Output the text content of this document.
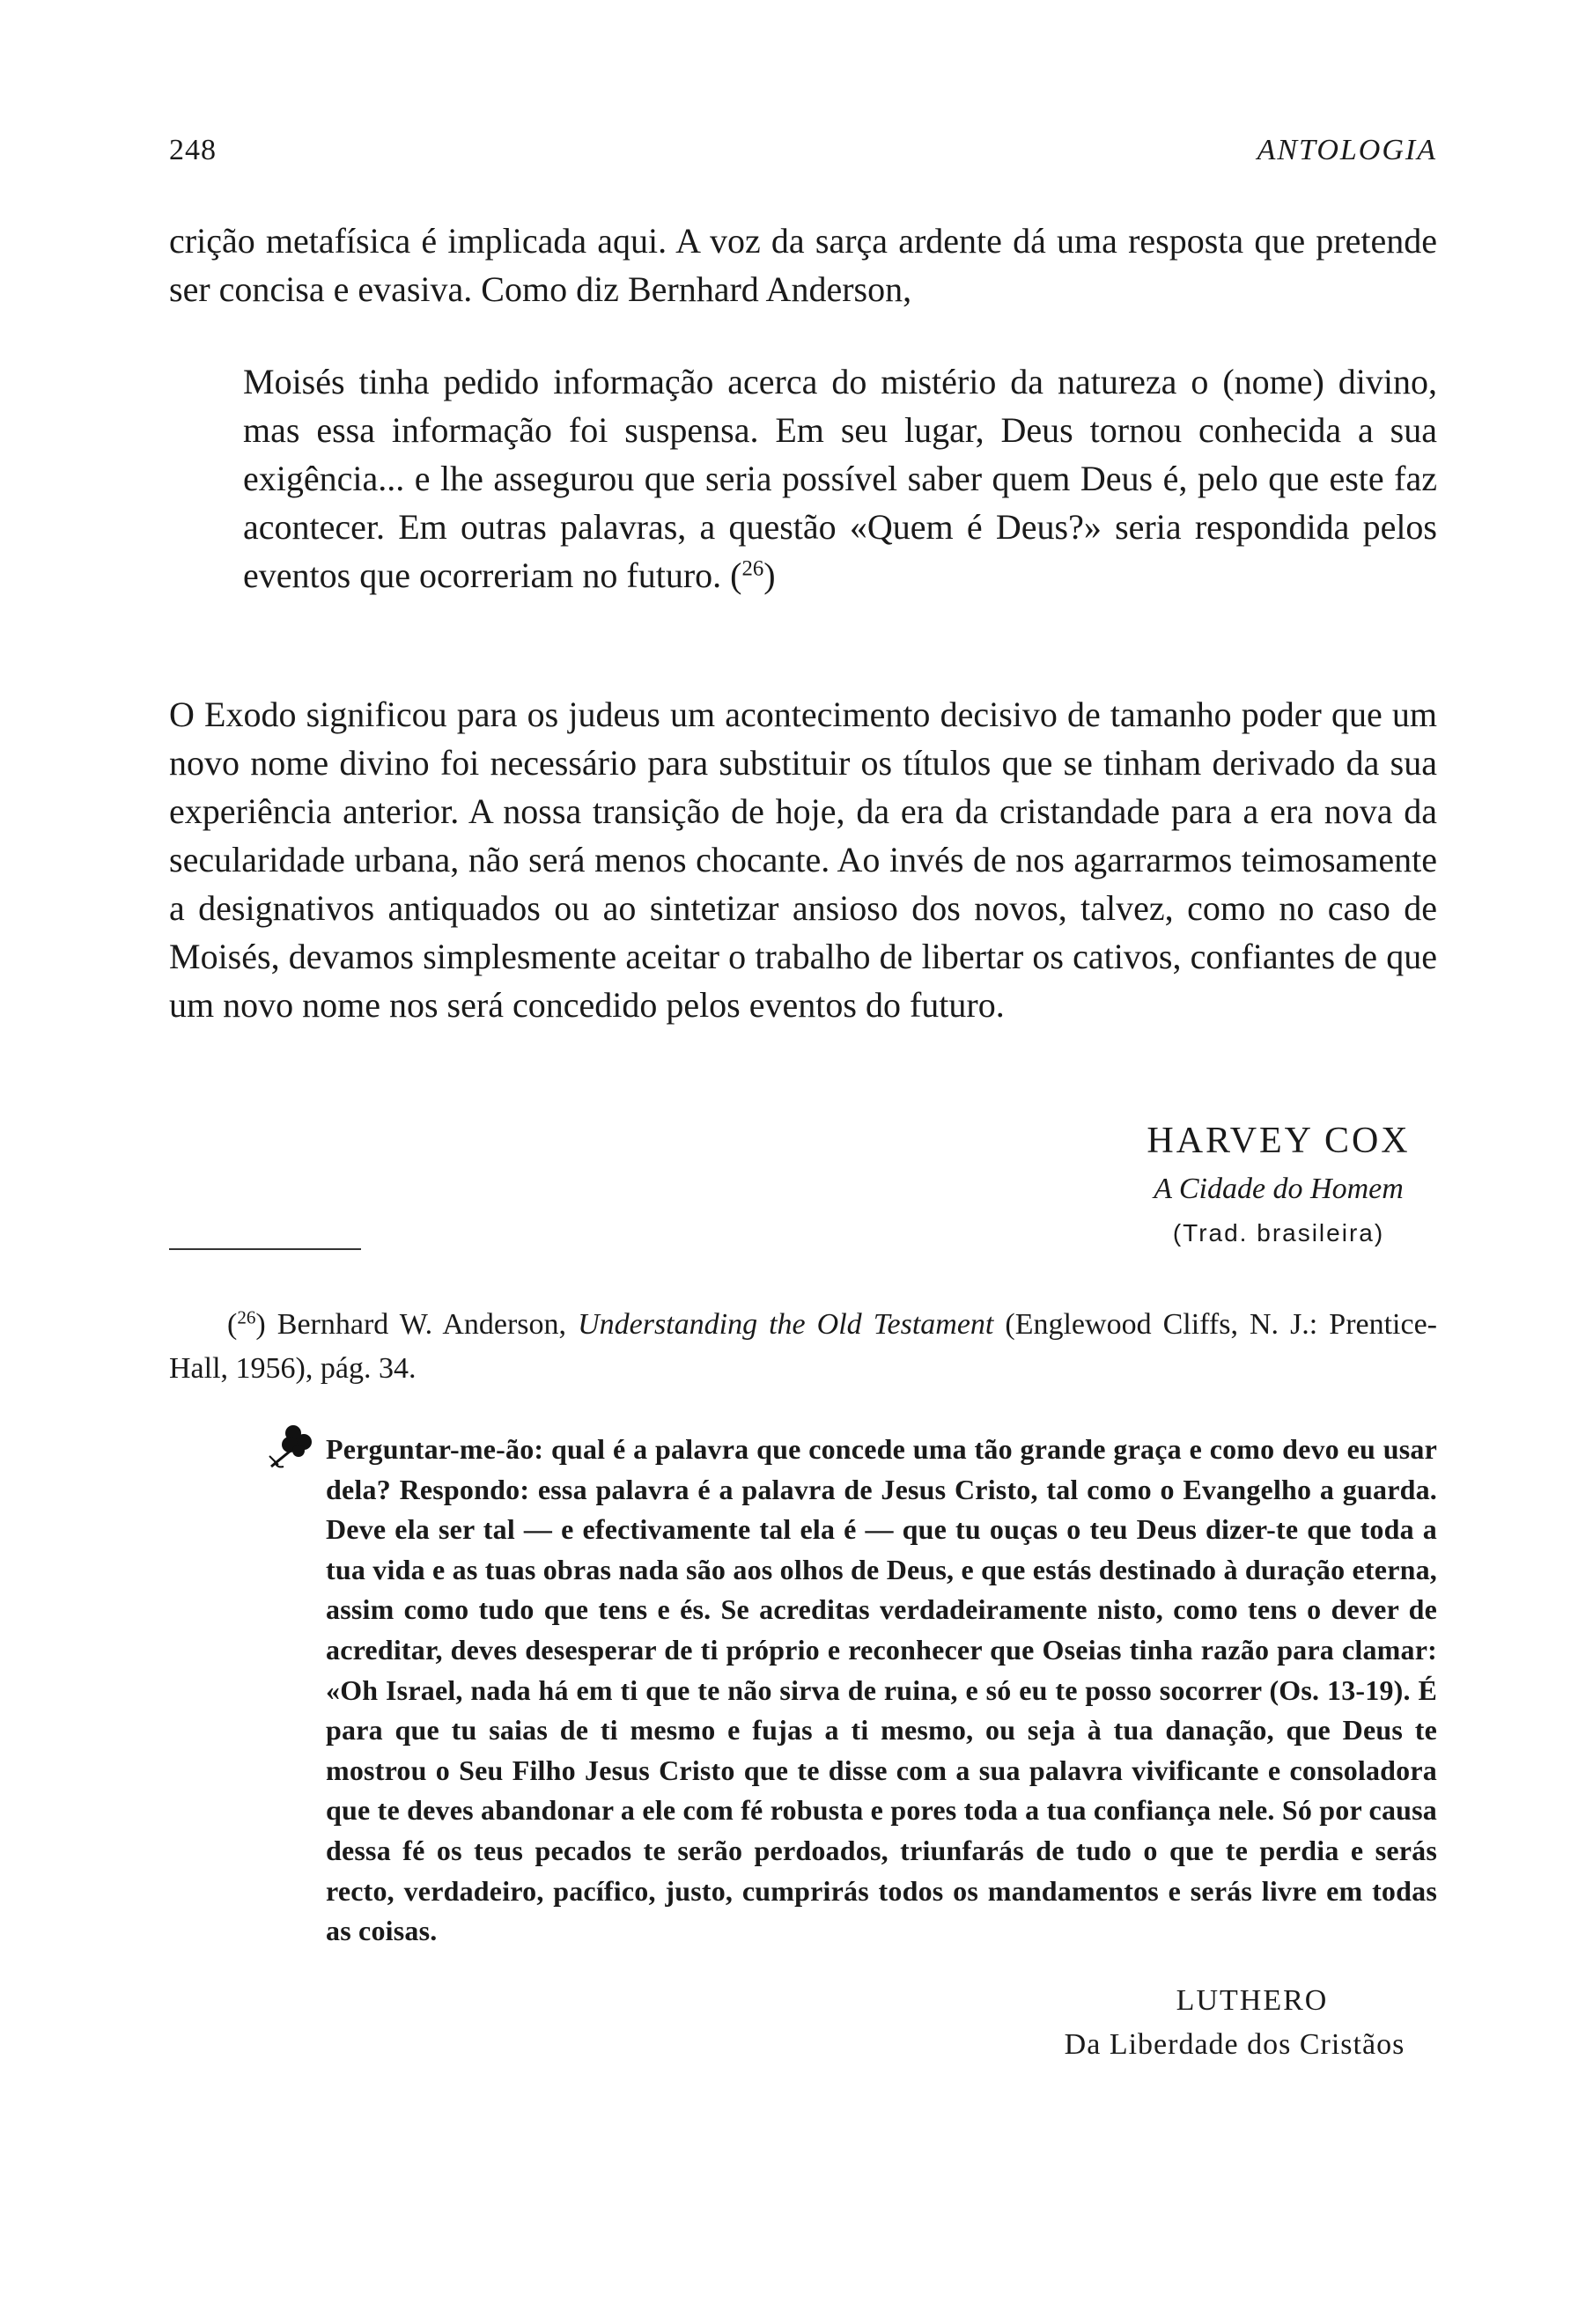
248	ANTOLOGIA

crição metafísica é implicada aqui. A voz da sarça ardente dá uma resposta que pretende ser concisa e evasiva. Como diz Bernhard Anderson,

Moisés tinha pedido informação acerca do mistério da natureza o (nome) divino, mas essa informação foi suspensa. Em seu lugar, Deus tornou conhecida a sua exigência... e lhe assegurou que seria possível saber quem Deus é, pelo que este faz acontecer. Em outras palavras, a questão «Quem é Deus?» seria respondida pelos eventos que ocorreriam no futuro. ($^{26}$)

O Exodo significou para os judeus um acontecimento decisivo de tamanho poder que um novo nome divino foi necessário para substituir os títulos que se tinham derivado da sua experiência anterior. A nossa transição de hoje, da era da cristandade para a era nova da secularidade urbana, não será menos chocante. Ao invés de nos agarrarmos teimosamente a designativos antiquados ou ao sintetizar ansioso dos novos, talvez, como no caso de Moisés, devamos simplesmente aceitar o trabalho de libertar os cativos, confiantes de que um novo nome nos será concedido pelos eventos do futuro.

HARVEY COX
A Cidade do Homem
(Trad. brasileira)

($^{26}$) Bernhard W. Anderson, Understanding the Old Testament (Englewood Cliffs, N. J.: Prentice-Hall, 1956), pág. 34.

Perguntar-me-ão: qual é a palavra que concede uma tão grande graça e como devo eu usar dela? Respondo: essa palavra é a palavra de Jesus Cristo, tal como o Evangelho a guarda. Deve ela ser tal — e efectivamente tal ela é — que tu ouças o teu Deus dizer-te que toda a tua vida e as tuas obras nada são aos olhos de Deus, e que estás destinado à duração eterna, assim como tudo que tens e és. Se acreditas verdadeiramente nisto, como tens o dever de acreditar, deves desesperar de ti próprio e reconhecer que Oseias tinha razão para clamar: «Oh Israel, nada há em ti que te não sirva de ruina, e só eu te posso socorrer (Os. 13-19). É para que tu saias de ti mesmo e fujas a ti mesmo, ou seja à tua danação, que Deus te mostrou o Seu Filho Jesus Cristo que te disse com a sua palavra vivificante e consoladora que te deves abandonar a ele com fé robusta e pores toda a tua confiança nele. Só por causa dessa fé os teus pecados te serão perdoados, triunfarás de tudo o que te perdia e serás recto, verdadeiro, pacífico, justo, cumprirás todos os mandamentos e serás livre em todas as coisas.

LUTHERO
Da Liberdade dos Cristãos
